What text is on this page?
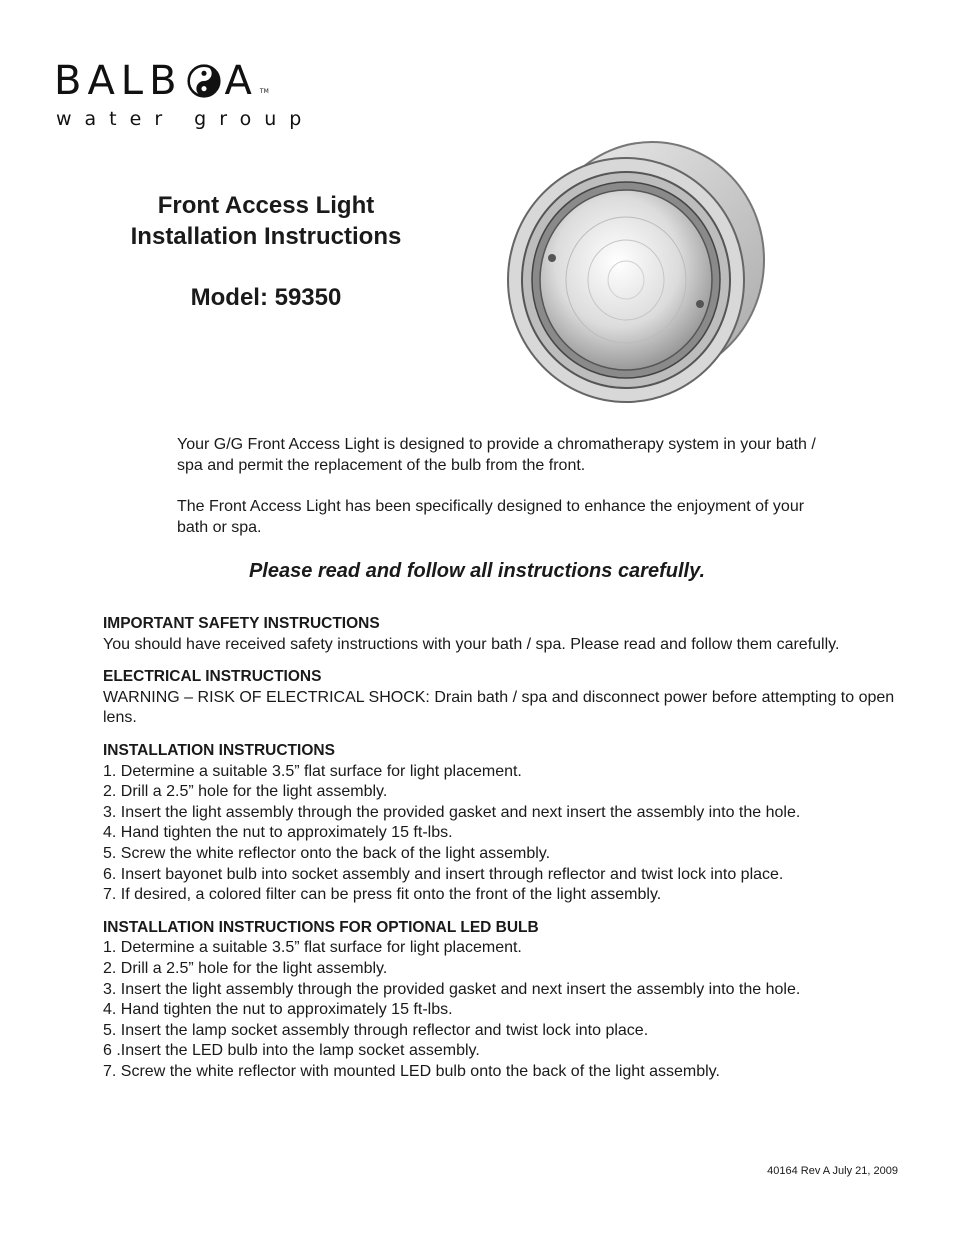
BALB A TM
water group
Front Access Light
Installation Instructions
Model: 59350

Your G/G Front Access Light is designed to provide a chromatherapy system in your bath / spa and permit the replacement of the bulb from the front.

The Front Access Light has been specifically designed to enhance the enjoyment of your bath or spa.

Please read and follow all instructions carefully.
IMPORTANT SAFETY INSTRUCTIONS

You should have received safety instructions with your bath / spa. Please read and follow them carefully.

ELECTRICAL INSTRUCTIONS

WARNING – RISK OF ELECTRICAL SHOCK: Drain bath / spa and disconnect power before attempting to open lens.

INSTALLATION INSTRUCTIONS
1. Determine a suitable 3.5” flat surface for light placement.
2. Drill a 2.5” hole for the light assembly.
3. Insert the light assembly through the provided gasket and next insert the assembly into the hole.
4. Hand tighten the nut to approximately 15 ft-lbs.
5. Screw the white reflector onto the back of the light assembly.
6. Insert bayonet bulb into socket assembly and insert through reflector and twist lock into place.
7. If desired, a colored filter can be press fit onto the front of the light assembly.
INSTALLATION INSTRUCTIONS FOR OPTIONAL LED BULB
1. Determine a suitable 3.5” flat surface for light placement.
2. Drill a 2.5” hole for the light assembly.
3. Insert the light assembly through the provided gasket and next insert the assembly into the hole.
4. Hand tighten the nut to approximately 15 ft-lbs.
5. Insert the lamp socket assembly through reflector and twist lock into place.
6 .Insert the LED bulb into the lamp socket assembly.
7. Screw the white reflector with mounted LED bulb onto the back of the light assembly.
40164 Rev A July 21, 2009
